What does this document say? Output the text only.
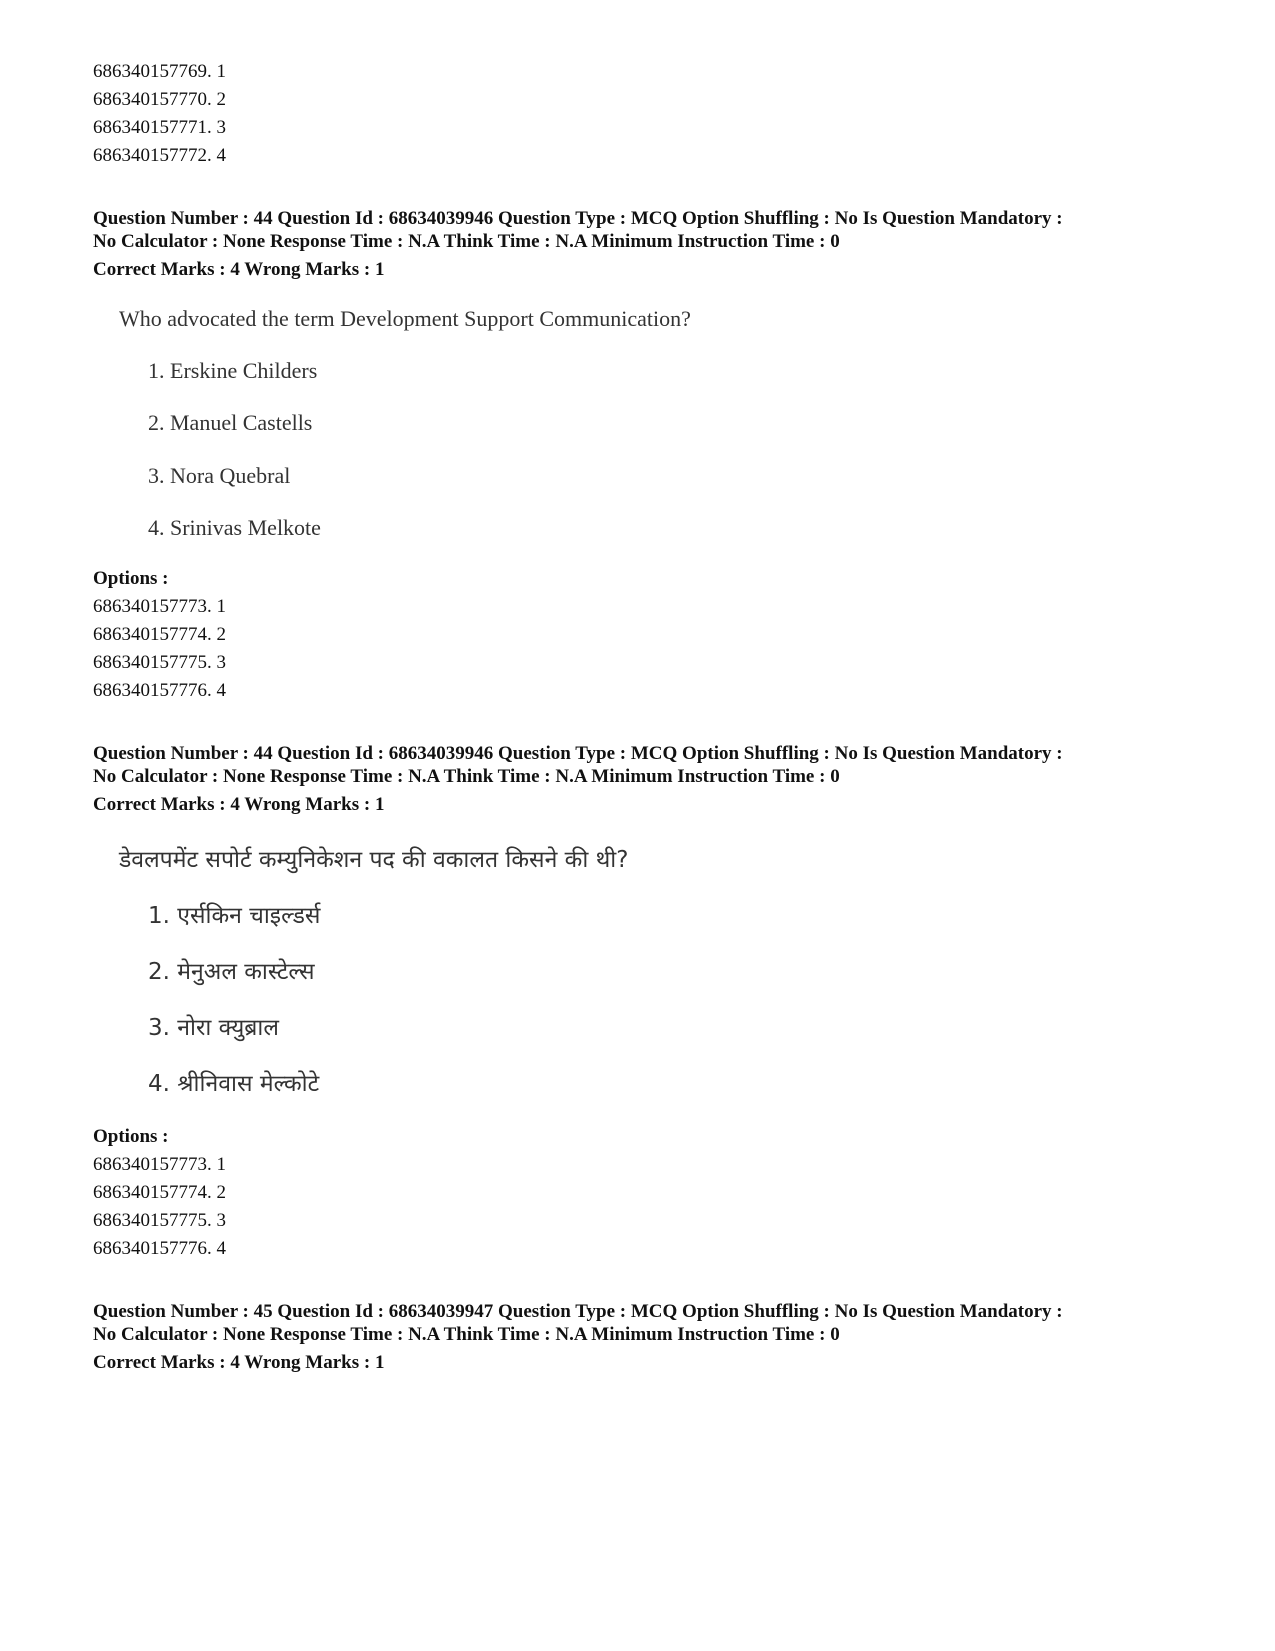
686340157769. 1
686340157770. 2
686340157771. 3
686340157772. 4
Question Number : 44 Question Id : 68634039946 Question Type : MCQ Option Shuffling : No Is Question Mandatory :
No Calculator : None Response Time : N.A Think Time : N.A Minimum Instruction Time : 0
Correct Marks : 4 Wrong Marks : 1
Who advocated the term Development Support Communication?
1. Erskine Childers
2. Manuel Castells
3. Nora Quebral
4. Srinivas Melkote
Options :
686340157773. 1
686340157774. 2
686340157775. 3
686340157776. 4
Question Number : 44 Question Id : 68634039946 Question Type : MCQ Option Shuffling : No Is Question Mandatory :
No Calculator : None Response Time : N.A Think Time : N.A Minimum Instruction Time : 0
Correct Marks : 4 Wrong Marks : 1
डेवलपमेंट सपोर्ट कम्युनिकेशन पद की वकालत किसने की थी?
1. एर्सकिन चाइल्डर्स
2. मेनुअल कास्टेल्स
3. नोरा क्युब्राल
4. श्रीनिवास मेल्कोटे
Options :
686340157773. 1
686340157774. 2
686340157775. 3
686340157776. 4
Question Number : 45 Question Id : 68634039947 Question Type : MCQ Option Shuffling : No Is Question Mandatory :
No Calculator : None Response Time : N.A Think Time : N.A Minimum Instruction Time : 0
Correct Marks : 4 Wrong Marks : 1
